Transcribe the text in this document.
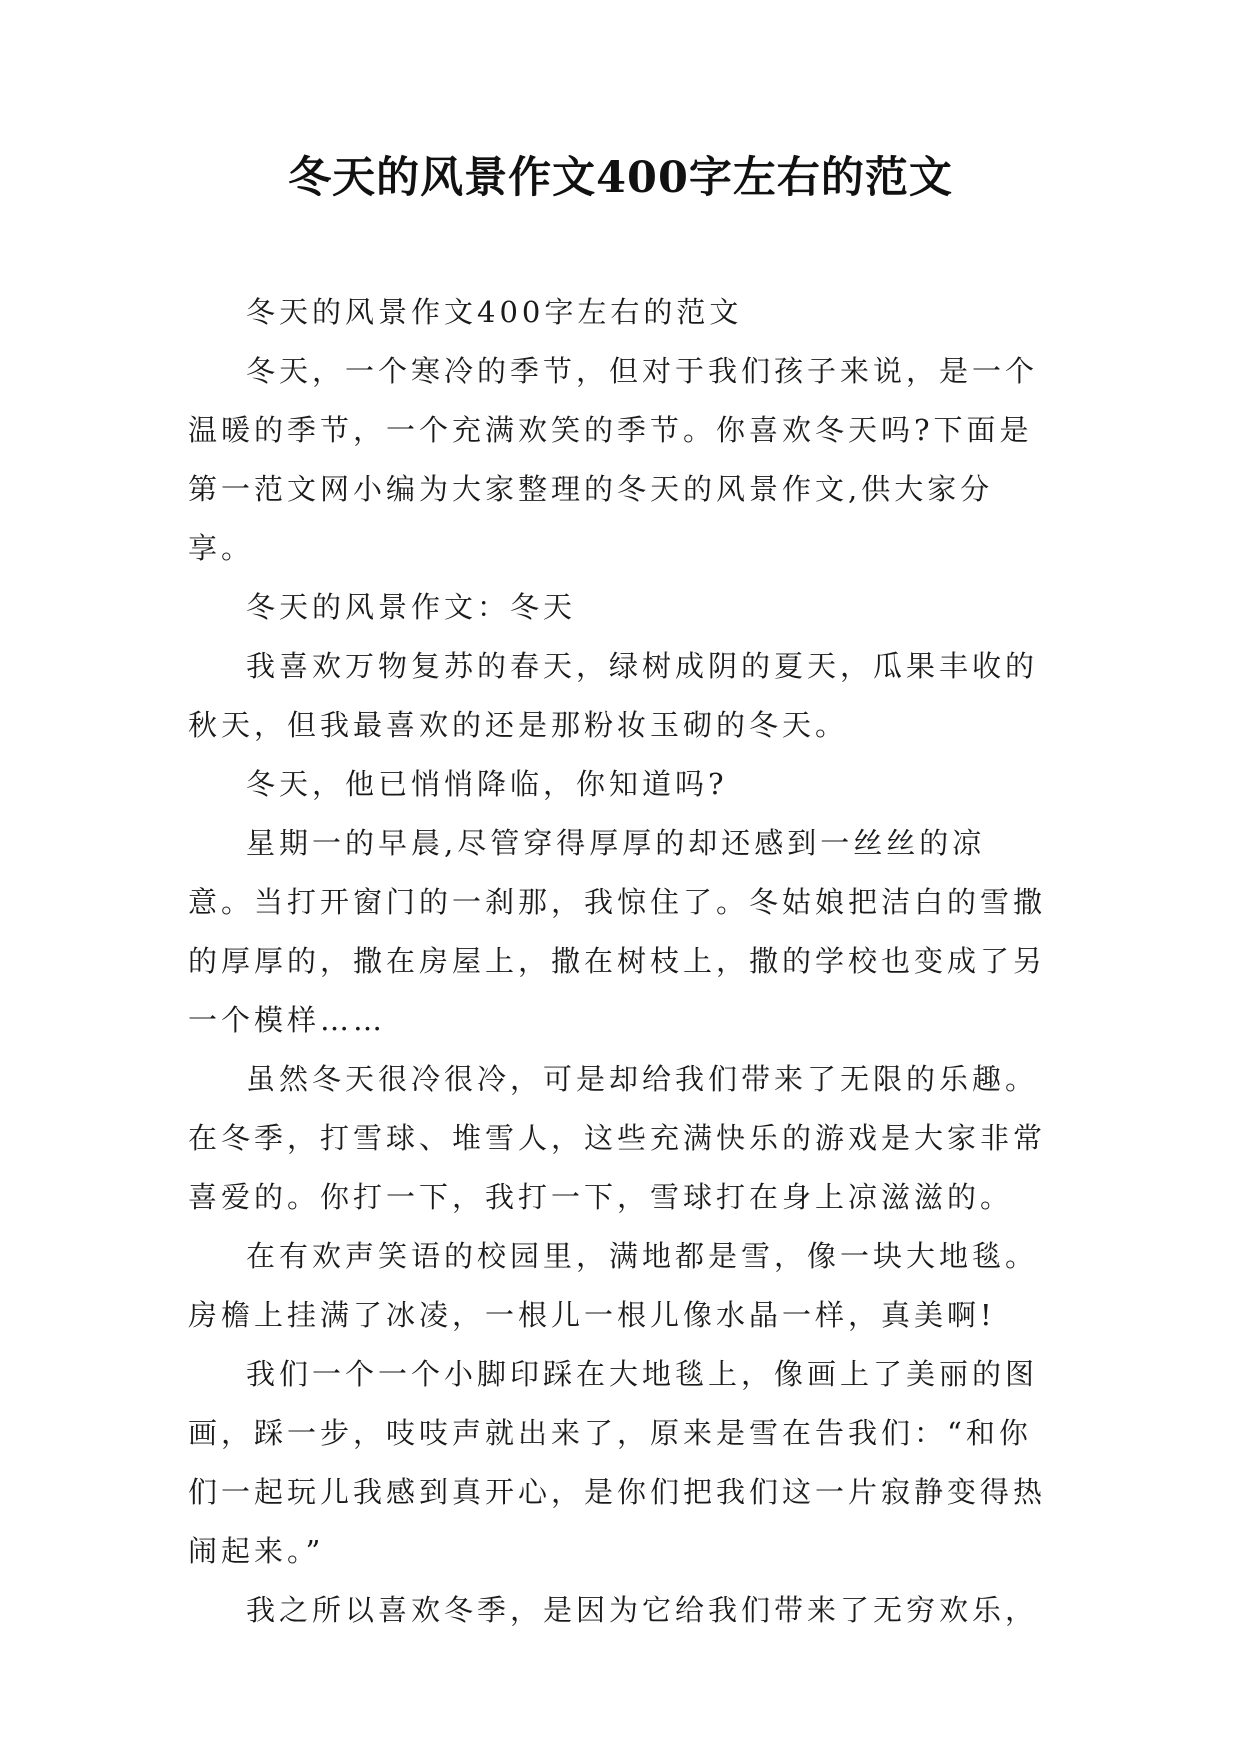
冬天的风景作文400字左右的范文

冬天的风景作文400字左右的范文

冬天，一个寒冷的季节，但对于我们孩子来说，是一个温暖的季节，一个充满欢笑的季节。你喜欢冬天吗?下面是第一范文网小编为大家整理的冬天的风景作文,供大家分享。

冬天的风景作文：冬天

我喜欢万物复苏的春天，绿树成阴的夏天，瓜果丰收的秋天，但我最喜欢的还是那粉妆玉砌的冬天。

冬天，他已悄悄降临，你知道吗?

星期一的早晨,尽管穿得厚厚的却还感到一丝丝的凉意。当打开窗门的一刹那，我惊住了。冬姑娘把洁白的雪撒的厚厚的，撒在房屋上，撒在树枝上，撒的学校也变成了另一个模样……

虽然冬天很冷很冷，可是却给我们带来了无限的乐趣。在冬季，打雪球、堆雪人，这些充满快乐的游戏是大家非常喜爱的。你打一下，我打一下，雪球打在身上凉滋滋的。

在有欢声笑语的校园里，满地都是雪，像一块大地毯。房檐上挂满了冰凌，一根儿一根儿像水晶一样，真美啊!

我们一个一个小脚印踩在大地毯上，像画上了美丽的图画，踩一步，吱吱声就出来了，原来是雪在告我们：“和你们一起玩儿我感到真开心，是你们把我们这一片寂静变得热闹起来。”

我之所以喜欢冬季，是因为它给我们带来了无穷欢乐，
